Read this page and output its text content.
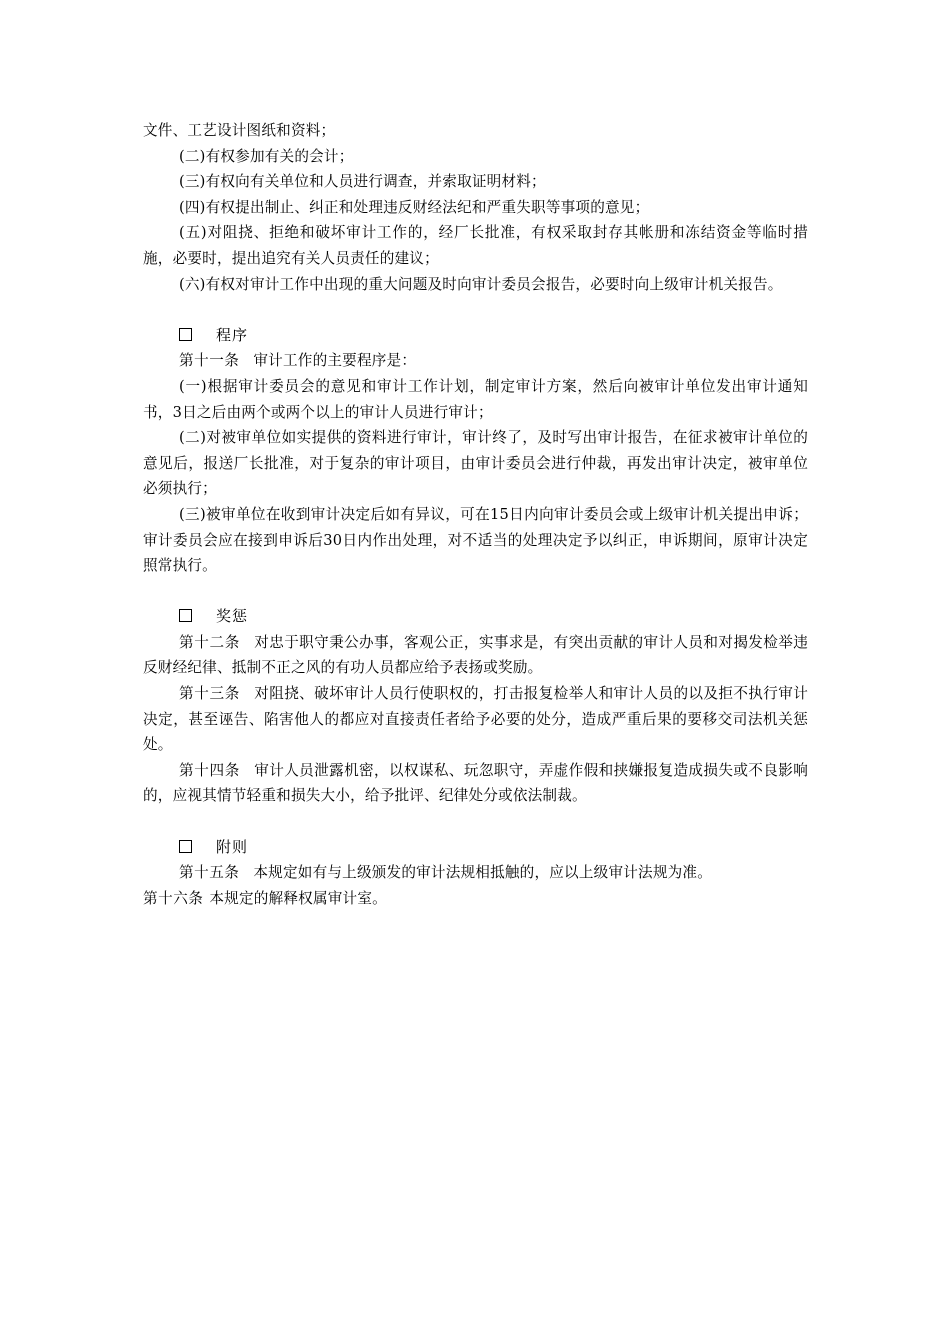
文件、工艺设计图纸和资料；

(二)有权参加有关的会计；

(三)有权向有关单位和人员进行调查，并索取证明材料；

(四)有权提出制止、纠正和处理违反财经法纪和严重失职等事项的意见；

(五)对阻挠、拒绝和破坏审计工作的，经厂长批准，有权采取封存其帐册和冻结资金等临时措施，必要时，提出追究有关人员责任的建议；

(六)有权对审计工作中出现的重大问题及时向审计委员会报告，必要时向上级审计机关报告。

程序

第十一条 审计工作的主要程序是：

(一)根据审计委员会的意见和审计工作计划，制定审计方案，然后向被审计单位发出审计通知书，3日之后由两个或两个以上的审计人员进行审计；

(二)对被审单位如实提供的资料进行审计，审计终了，及时写出审计报告，在征求被审计单位的意见后，报送厂长批准，对于复杂的审计项目，由审计委员会进行仲裁，再发出审计决定，被审单位必须执行；

(三)被审单位在收到审计决定后如有异议，可在15日内向审计委员会或上级审计机关提出申诉；审计委员会应在接到申诉后30日内作出处理，对不适当的处理决定予以纠正，申诉期间，原审计决定照常执行。

奖惩

第十二条 对忠于职守秉公办事，客观公正，实事求是，有突出贡献的审计人员和对揭发检举违反财经纪律、抵制不正之风的有功人员都应给予表扬或奖励。

第十三条 对阻挠、破坏审计人员行使职权的，打击报复检举人和审计人员的以及拒不执行审计决定，甚至诬告、陷害他人的都应对直接责任者给予必要的处分，造成严重后果的要移交司法机关惩处。

第十四条 审计人员泄露机密，以权谋私、玩忽职守，弄虚作假和挟嫌报复造成损失或不良影响的，应视其情节轻重和损失大小，给予批评、纪律处分或依法制裁。

附则

第十五条 本规定如有与上级颁发的审计法规相抵触的，应以上级审计法规为准。

第十六条 本规定的解释权属审计室。
